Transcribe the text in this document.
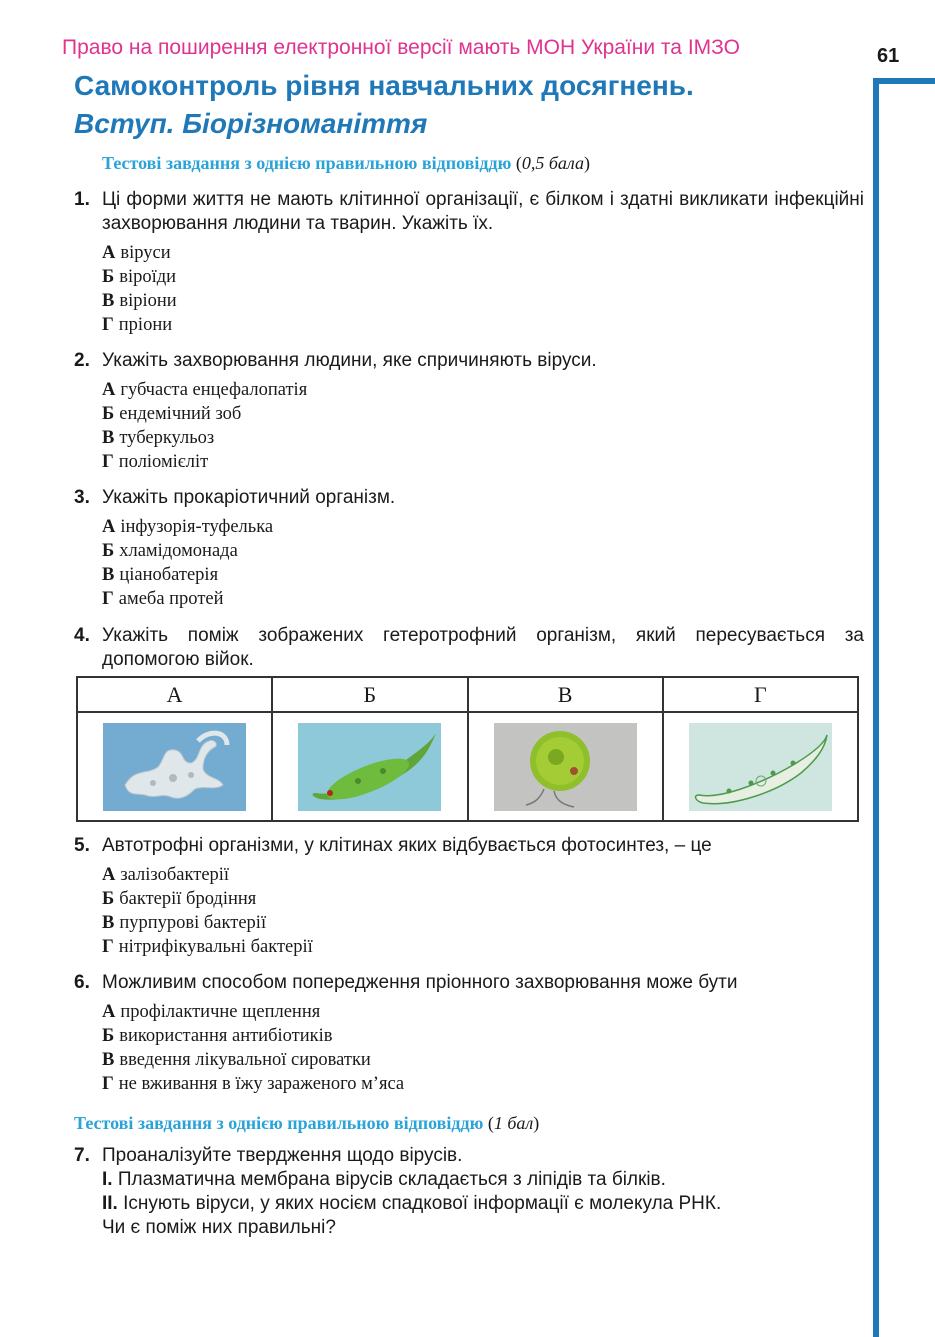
Право на поширення електронної версії мають МОН України та ІМЗО	61
Самоконтроль рівня навчальних досягнень.
Вступ. Біорізноманіття
Тестові завдання з однією правильною відповіддю (0,5 бала)
1. Ці форми життя не мають клітинної організації, є білком і здатні викликати інфекційні захворювання людини та тварин. Укажіть їх.
А віруси
Б віроїди
В віріони
Г пріони
2. Укажіть захворювання людини, яке спричиняють віруси.
А губчаста енцефалопатія
Б ендемічний зоб
В туберкульоз
Г поліомієліт
3. Укажіть прокаріотичний організм.
А інфузорія-туфелька
Б хламідомонада
В ціанобатерія
Г амеба протей
4. Укажіть поміж зображених гетеротрофний організм, який пересувається за допомогою війок.
А	Б	В	Г

5. Автотрофні організми, у клітинах яких відбувається фотосинтез, – це
А залізобактерії
Б бактерії бродіння
В пурпурові бактерії
Г нітрифікувальні бактерії
6. Можливим способом попередження пріонного захворювання може бути
А профілактичне щеплення
Б використання антибіотиків
В введення лікувальної сироватки
Г не вживання в їжу зараженого м’яса
Тестові завдання з однією правильною відповіддю (1 бал)
7. Проаналізуйте твердження щодо вірусів.
I. Плазматична мембрана вірусів складається з ліпідів та білків.
II. Існують віруси, у яких носієм спадкової інформації є молекула РНК.
Чи є поміж них правильні?
